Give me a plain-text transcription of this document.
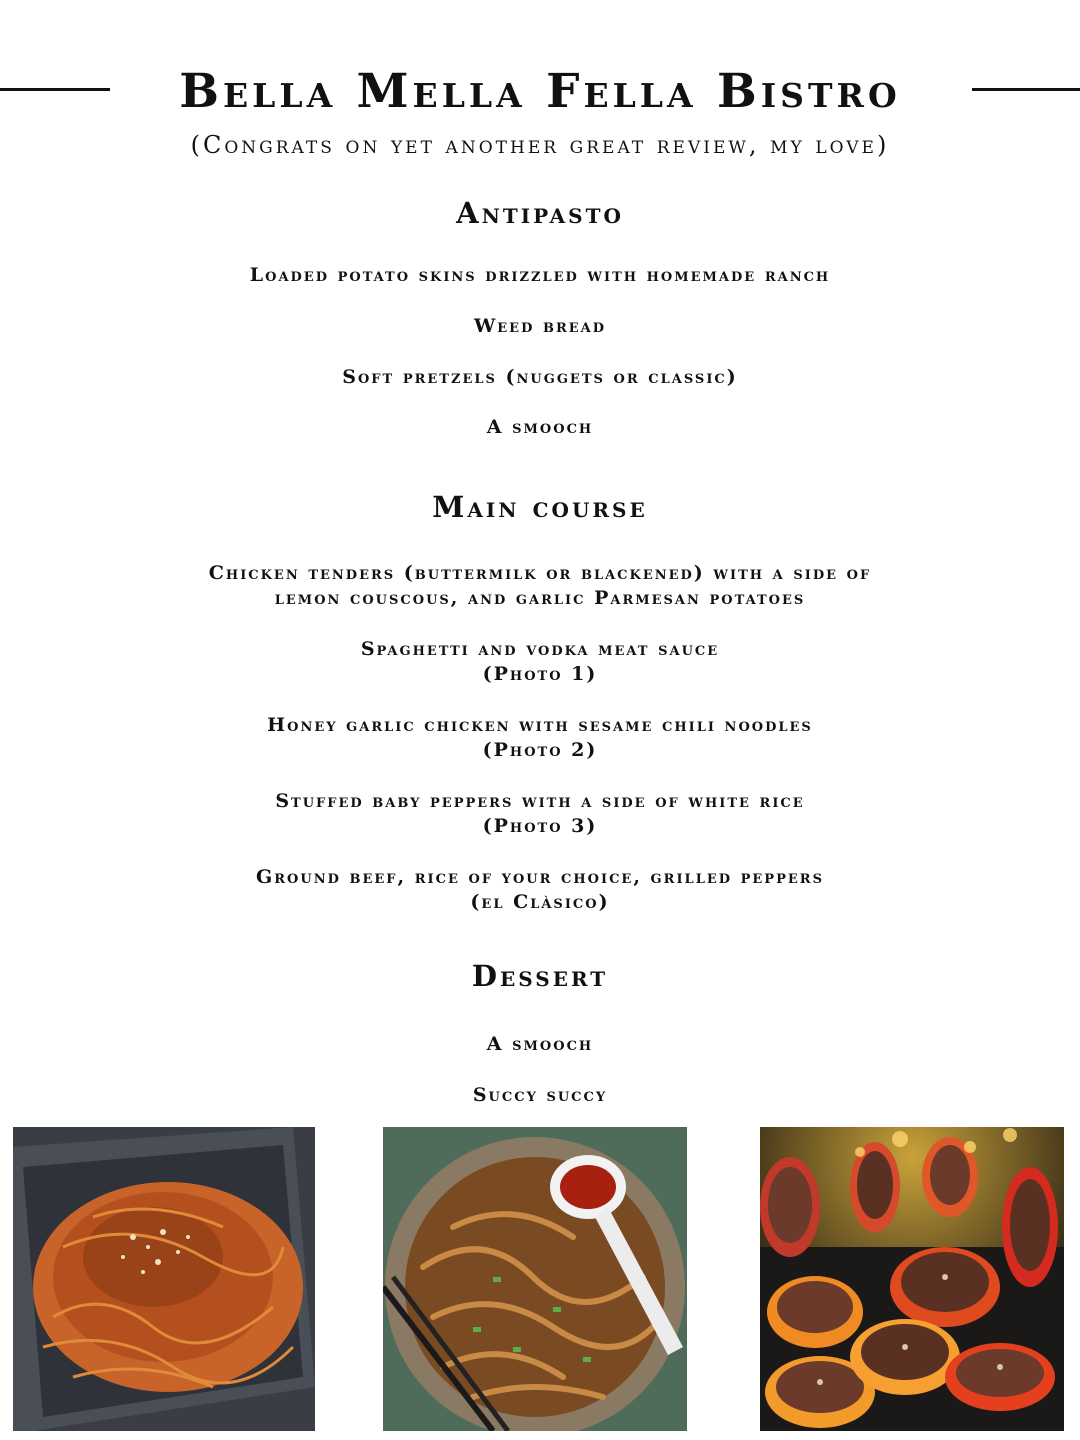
Bella Mella Fella Bistro
(Congrats on yet another great review, my love)
Antipasto
Loaded potato skins drizzled with homemade ranch
Weed bread
Soft pretzels (nuggets or classic)
A smooch
Main course
Chicken tenders (buttermilk or blackened) with a side of
lemon couscous, and garlic Parmesan potatoes
Spaghetti and vodka meat sauce
(Photo 1)
Honey garlic chicken with sesame chili noodles
(Photo 2)
Stuffed baby peppers with a side of white rice
(Photo 3)
Ground beef, rice of your choice, grilled peppers
(el Clàsico)
Dessert
A smooch
Succy succy
